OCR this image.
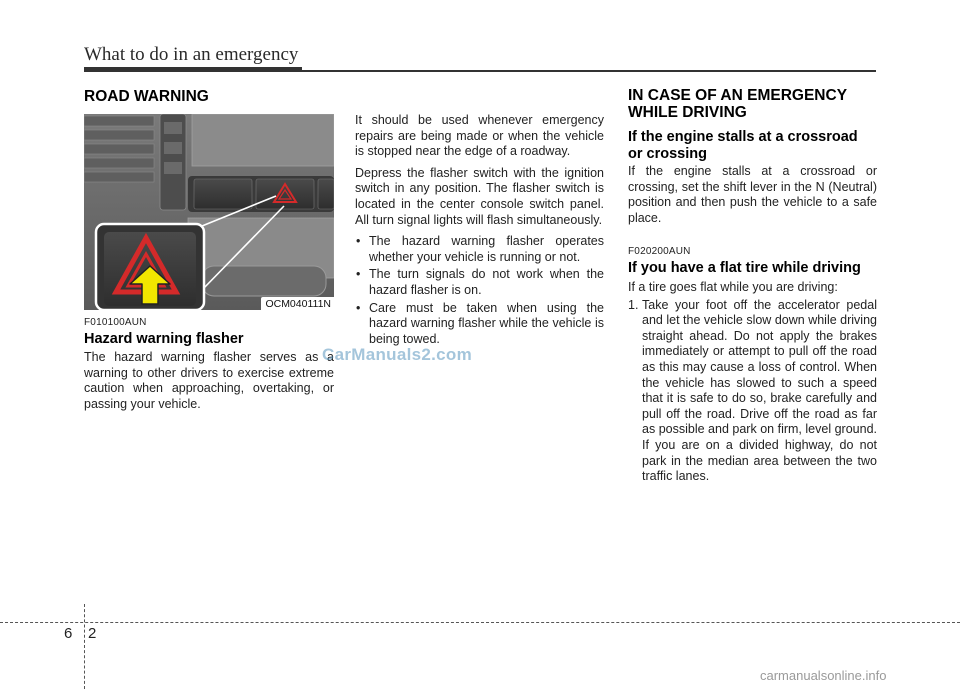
What to do in an emergency
ROAD WARNING
OCM040111N
F010100AUN
Hazard warning flasher

The hazard warning flasher serves as a warning to other drivers to exercise extreme caution when approaching, overtaking, or passing your vehicle.

It should be used whenever emergency repairs are being made or when the vehicle is stopped near the edge of a roadway.

Depress the flasher switch with the ignition switch in any position. The flasher switch is located in the center console switch panel. All turn signal lights will flash simultaneously.

• The hazard warning flasher operates whether your vehicle is running or not.
• The turn signals do not work when the hazard flasher is on.
• Care must be taken when using the hazard warning flasher while the vehicle is being towed.
IN CASE OF AN EMERGENCY
WHILE DRIVING
If the engine stalls at a crossroad
or crossing

If the engine stalls at a crossroad or crossing, set the shift lever in the N (Neutral) position and then push the vehicle to a safe place.

F020200AUN
If you have a flat tire while driving

If a tire goes flat while you are driving:

1. Take your foot off the accelerator pedal and let the vehicle slow down while driving straight ahead. Do not apply the brakes immediately or attempt to pull off the road as this may cause a loss of control. When the vehicle has slowed to such a speed that it is safe to do so, brake carefully and pull off the road. Drive off the road as far as possible and park on firm, level ground. If you are on a divided highway, do not park in the median area between the two traffic lanes.
CarManuals2.com
6 2
carmanualsonline.info
